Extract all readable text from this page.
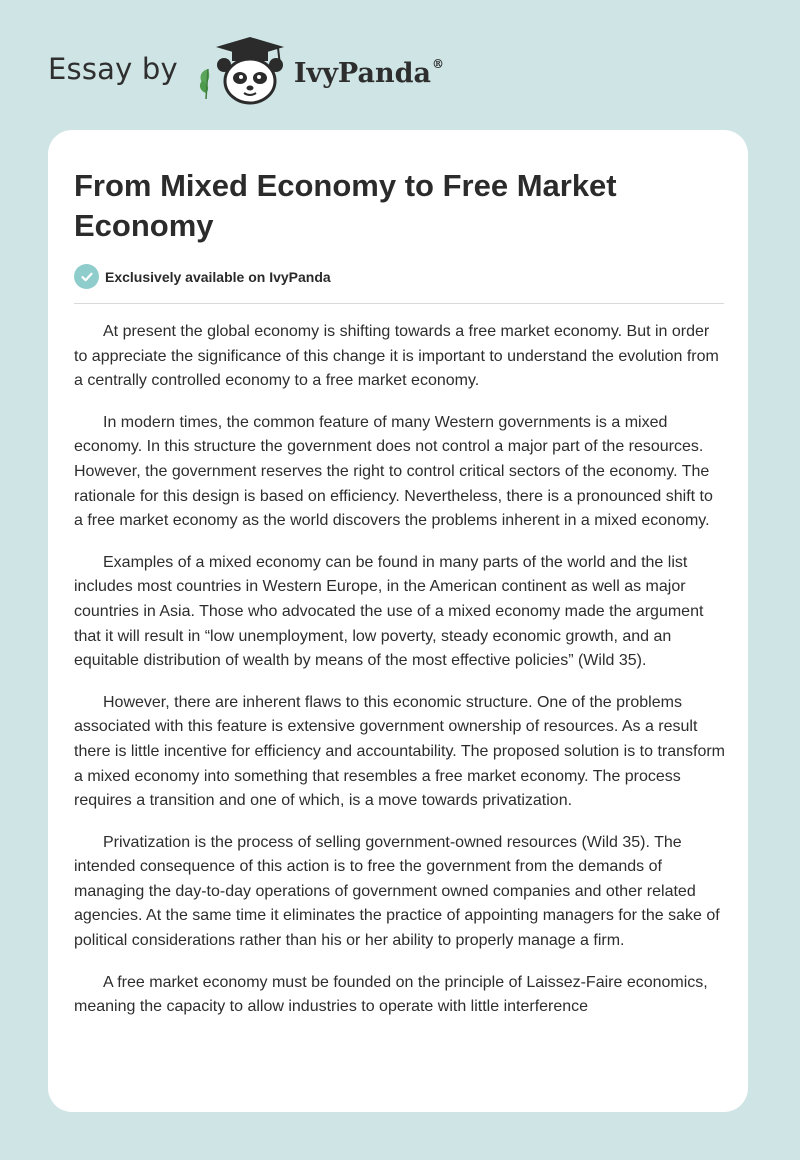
Essay by	IvyPanda®
From Mixed Economy to Free Market Economy
Exclusively available on IvyPanda

At present the global economy is shifting towards a free market economy. But in order to appreciate the significance of this change it is important to understand the evolution from a centrally controlled economy to a free market economy.

In modern times, the common feature of many Western governments is a mixed economy. In this structure the government does not control a major part of the resources. However, the government reserves the right to control critical sectors of the economy. The rationale for this design is based on efficiency. Nevertheless, there is a pronounced shift to a free market economy as the world discovers the problems inherent in a mixed economy.

Examples of a mixed economy can be found in many parts of the world and the list includes most countries in Western Europe, in the American continent as well as major countries in Asia. Those who advocated the use of a mixed economy made the argument that it will result in “low unemployment, low poverty, steady economic growth, and an equitable distribution of wealth by means of the most effective policies” (Wild 35).

However, there are inherent flaws to this economic structure. One of the problems associated with this feature is extensive government ownership of resources. As a result there is little incentive for efficiency and accountability. The proposed solution is to transform a mixed economy into something that resembles a free market economy. The process requires a transition and one of which, is a move towards privatization.

Privatization is the process of selling government-owned resources (Wild 35). The intended consequence of this action is to free the government from the demands of managing the day-to-day operations of government owned companies and other related agencies. At the same time it eliminates the practice of appointing managers for the sake of political considerations rather than his or her ability to properly manage a firm.

A free market economy must be founded on the principle of Laissez-Faire economics, meaning the capacity to allow industries to operate with little interference
